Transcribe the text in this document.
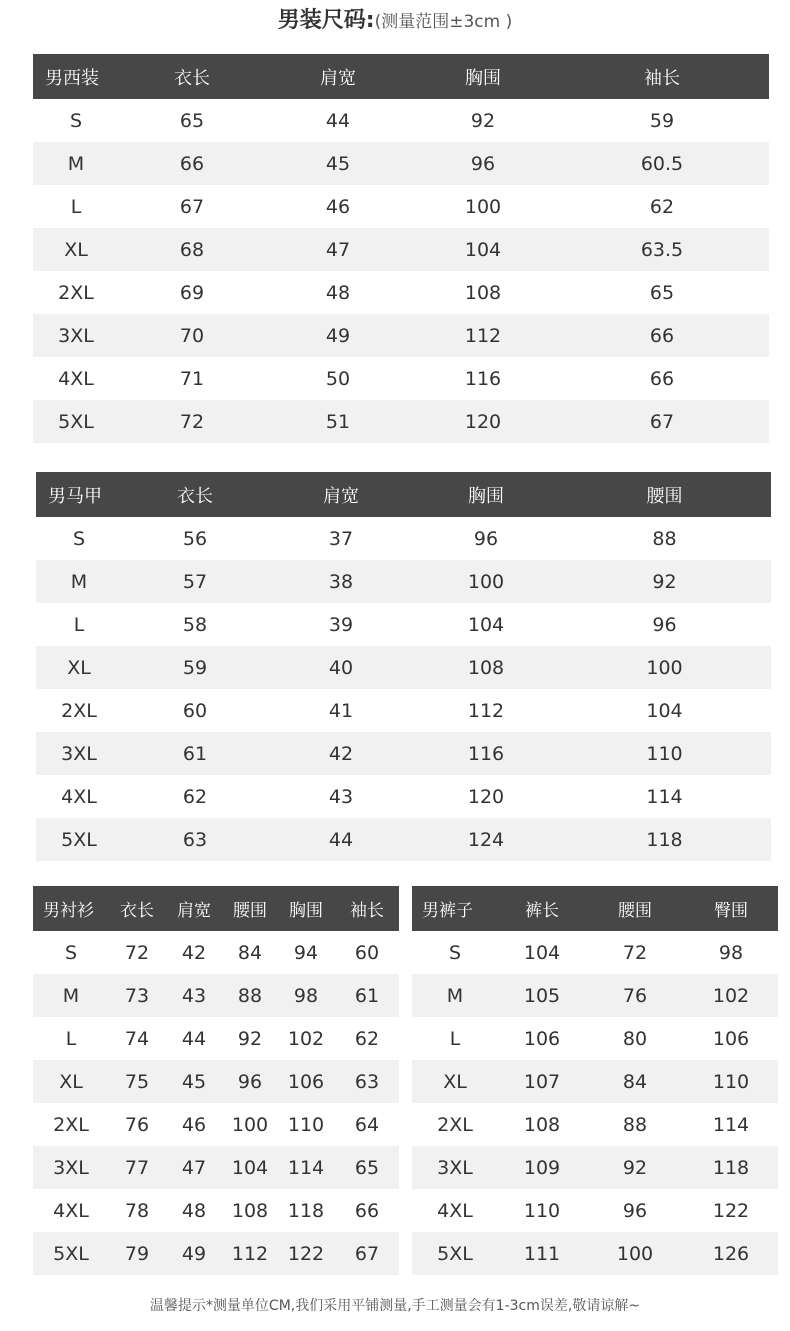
男装尺码:(测量范围±3cm )
男西装	衣长	肩宽	胸围	袖长
S	65	44	92	59
M	66	45	96	60.5
L	67	46	100	62
XL	68	47	104	63.5
2XL	69	48	108	65
3XL	70	49	112	66
4XL	71	50	116	66
5XL	72	51	120	67
男马甲	衣长	肩宽	胸围	腰围
S	56	37	96	88
M	57	38	100	92
L	58	39	104	96
XL	59	40	108	100
2XL	60	41	112	104
3XL	61	42	116	110
4XL	62	43	120	114
5XL	63	44	124	118
男衬衫	衣长	肩宽	腰围	胸围	袖长
S	72	42	84	94	60
M	73	43	88	98	61
L	74	44	92	102	62
XL	75	45	96	106	63
2XL	76	46	100	110	64
3XL	77	47	104	114	65
4XL	78	48	108	118	66
5XL	79	49	112	122	67
男裤子	裤长	腰围	臀围
S	104	72	98
M	105	76	102
L	106	80	106
XL	107	84	110
2XL	108	88	114
3XL	109	92	118
4XL	110	96	122
5XL	111	100	126
温馨提示*测量单位CM,我们采用平铺测量,手工测量会有1-3cm误差,敬请谅解~
